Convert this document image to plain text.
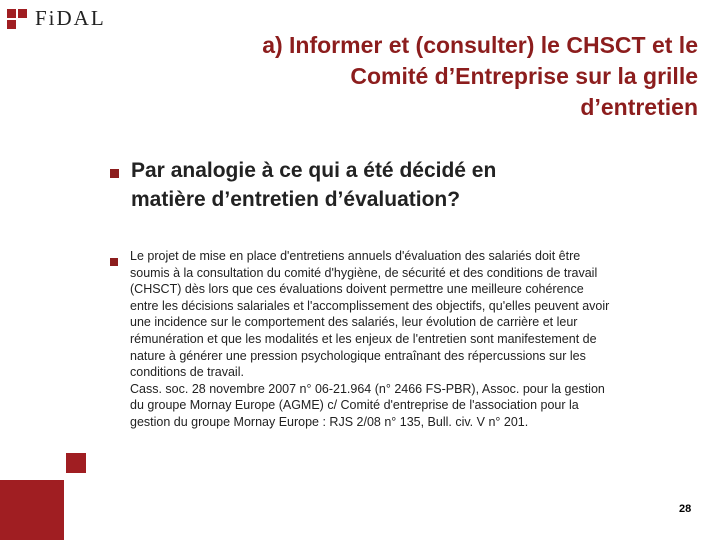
FiDAL
a) Informer et (consulter) le CHSCT et le
Comité d’Entreprise sur la grille
d’entretien
Par analogie à ce qui a été décidé en
matière d’entretien d’évaluation?
Le projet de mise en place d'entretiens annuels d'évaluation des salariés doit être
soumis à la consultation du comité d'hygiène, de sécurité et des conditions de travail
(CHSCT) dès lors que ces évaluations doivent permettre une meilleure cohérence
entre les décisions salariales et l'accomplissement des objectifs, qu'elles peuvent avoir
une incidence sur le comportement des salariés, leur évolution de carrière et leur
rémunération et que les modalités et les enjeux de l'entretien sont manifestement de
nature à générer une pression psychologique entraînant des répercussions sur les
conditions de travail.
Cass. soc. 28 novembre 2007 n° 06-21.964 (n° 2466 FS-PBR), Assoc. pour la gestion
du groupe Mornay Europe (AGME) c/ Comité d'entreprise de l'association pour la
gestion du groupe Mornay Europe : RJS 2/08 n° 135, Bull. civ. V n° 201.
28
